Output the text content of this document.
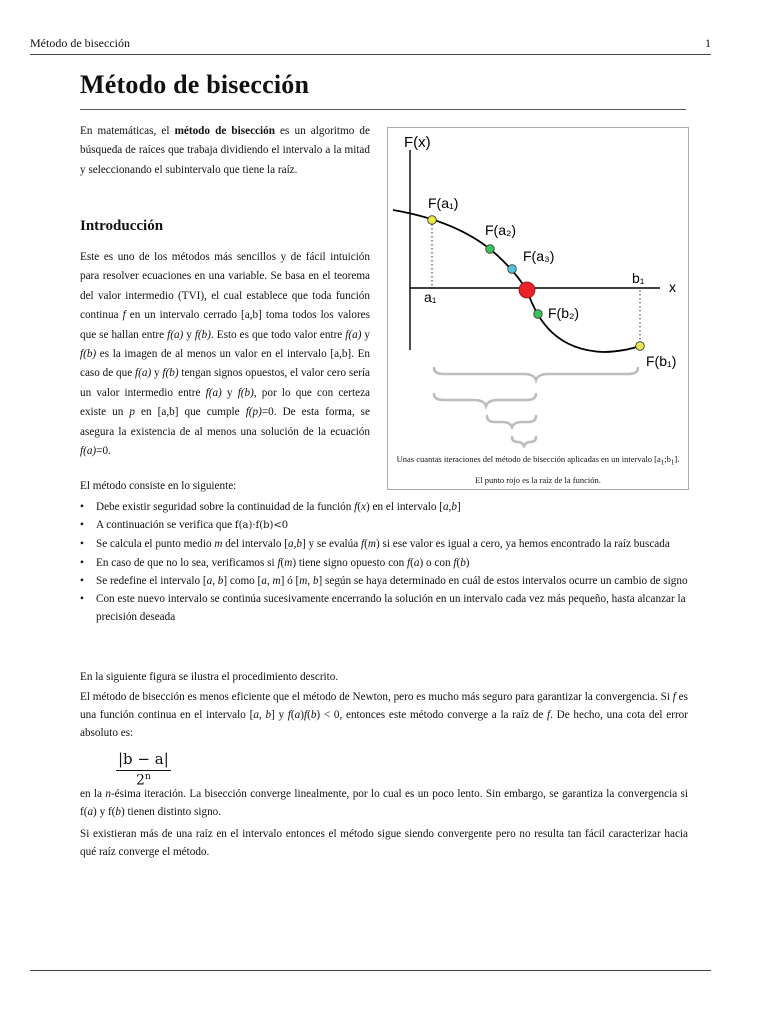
Método de bisección	1
Método de bisección

En matemáticas, el método de bisección es un algoritmo de búsqueda de raíces que trabaja dividiendo el intervalo a la mitad y seleccionando el subintervalo que tiene la raíz.

Introducción

Este es uno de los métodos más sencillos y de fácil intuición para resolver ecuaciones en una variable. Se basa en el teorema del valor intermedio (TVI), el cual establece que toda función continua f en un intervalo cerrado [a,b] toma todos los valores que se hallan entre f(a) y f(b). Esto es que todo valor entre f(a) y f(b) es la imagen de al menos un valor en el intervalo [a,b]. En caso de que f(a) y f(b) tengan signos opuestos, el valor cero sería un valor intermedio entre f(a) y f(b), por lo que con certeza existe un p en [a,b] que cumple f(p)=0. De esta forma, se asegura la existencia de al menos una solución de la ecuación f(a)=0.

F(x)
F(a₁)
F(a₂)
F(a₃)
b₁
x
a₁
F(b₂)
F(b₁)
Unas cuantas iteraciones del método de bisección aplicadas en un intervalo $[a_1;b_1]$. El punto rojo es la raíz de la función.

El método consiste en lo siguiente:

• Debe existir seguridad sobre la continuidad de la función f(x) en el intervalo [a,b]
• A continuación se verifica que f(a)·f(b)<0
• Se calcula el punto medio m del intervalo [a,b] y se evalúa f(m) si ese valor es igual a cero, ya hemos encontrado la raíz buscada
• En caso de que no lo sea, verificamos si f(m) tiene signo opuesto con f(a) o con f(b)
• Se redefine el intervalo [a, b] como [a, m] ó [m, b] según se haya determinado en cuál de estos intervalos ocurre un cambio de signo
• Con este nuevo intervalo se continúa sucesivamente encerrando la solución en un intervalo cada vez más pequeño, hasta alcanzar la precisión deseada

En la siguiente figura se ilustra el procedimiento descrito.

El método de bisección es menos eficiente que el método de Newton, pero es mucho más seguro para garantizar la convergencia. Si f es una función continua en el intervalo [a, b] y f(a)f(b) < 0, entonces este método converge a la raíz de f. De hecho, una cota del error absoluto es:

$\frac{|b - a|}{2^n}$

en la n-ésima iteración. La bisección converge linealmente, por lo cual es un poco lento. Sin embargo, se garantiza la convergencia si f(a) y f(b) tienen distinto signo.

Si existieran más de una raíz en el intervalo entonces el método sigue siendo convergente pero no resulta tan fácil caracterizar hacia qué raíz converge el método.
